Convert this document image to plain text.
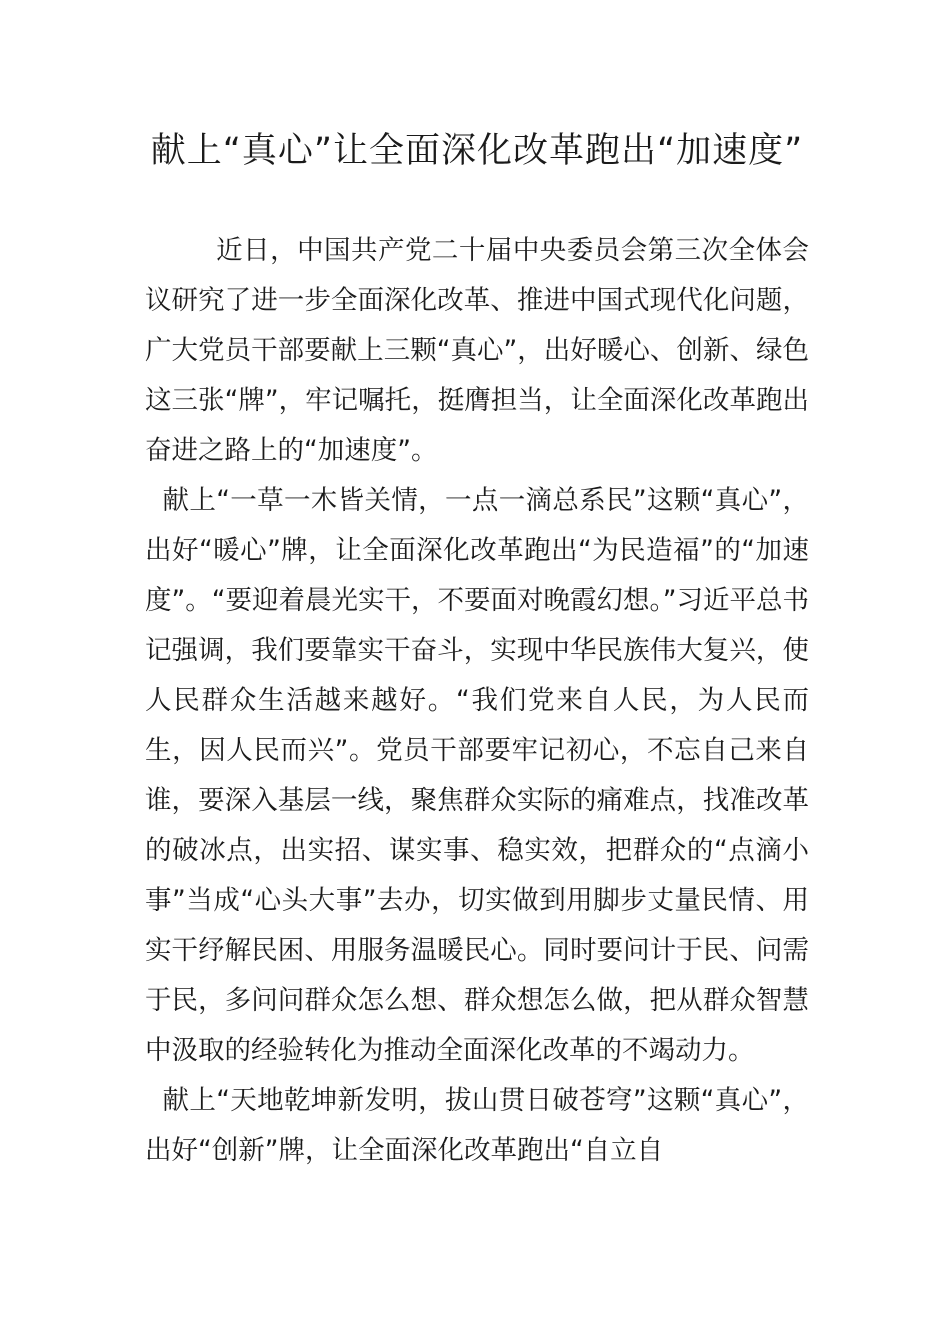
献上“真心”让全面深化改革跑出“加速度”

近日，中国共产党二十届中央委员会第三次全体会议研究了进一步全面深化改革、推进中国式现代化问题，广大党员干部要献上三颗“真心”，出好暖心、创新、绿色这三张“牌”，牢记嘱托，挺膺担当，让全面深化改革跑出奋进之路上的“加速度”。

献上“一草一木皆关情，一点一滴总系民”这颗“真心”，出好“暖心”牌，让全面深化改革跑出“为民造福”的“加速度”。“要迎着晨光实干，不要面对晚霞幻想。”习近平总书记强调，我们要靠实干奋斗，实现中华民族伟大复兴，使人民群众生活越来越好。“我们党来自人民，为人民而生，因人民而兴”。党员干部要牢记初心，不忘自己来自谁，要深入基层一线，聚焦群众实际的痛难点，找准改革的破冰点，出实招、谋实事、稳实效，把群众的“点滴小事”当成“心头大事”去办，切实做到用脚步丈量民情、用实干纾解民困、用服务温暖民心。同时要问计于民、问需于民，多问问群众怎么想、群众想怎么做，把从群众智慧中汲取的经验转化为推动全面深化改革的不竭动力。

献上“天地乾坤新发明，拔山贯日破苍穹”这颗“真心”，出好“创新”牌，让全面深化改革跑出“自立自
